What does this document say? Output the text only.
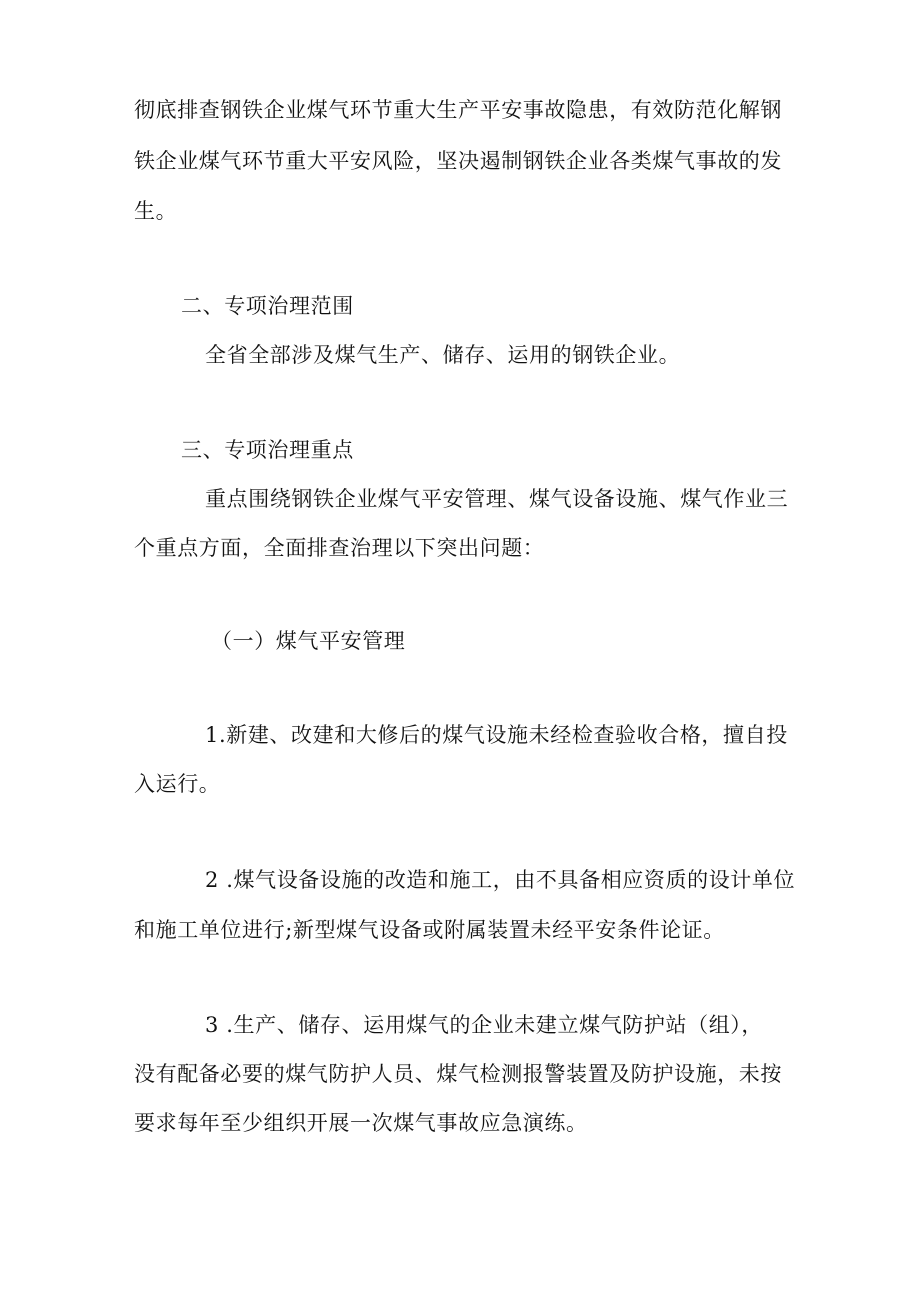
彻底排查钢铁企业煤气环节重大生产平安事故隐患，有效防范化解钢
铁企业煤气环节重大平安风险，坚决遏制钢铁企业各类煤气事故的发
生。
二、专项治理范围
全省全部涉及煤气生产、储存、运用的钢铁企业。
三、专项治理重点
重点围绕钢铁企业煤气平安管理、煤气设备设施、煤气作业三
个重点方面，全面排查治理以下突出问题：
（一）煤气平安管理
1.新建、改建和大修后的煤气设施未经检查验收合格，擅自投
入运行。
2 .煤气设备设施的改造和施工，由不具备相应资质的设计单位
和施工单位进行;新型煤气设备或附属装置未经平安条件论证。
3 .生产、储存、运用煤气的企业未建立煤气防护站（组），
没有配备必要的煤气防护人员、煤气检测报警装置及防护设施，未按
要求每年至少组织开展一次煤气事故应急演练。
